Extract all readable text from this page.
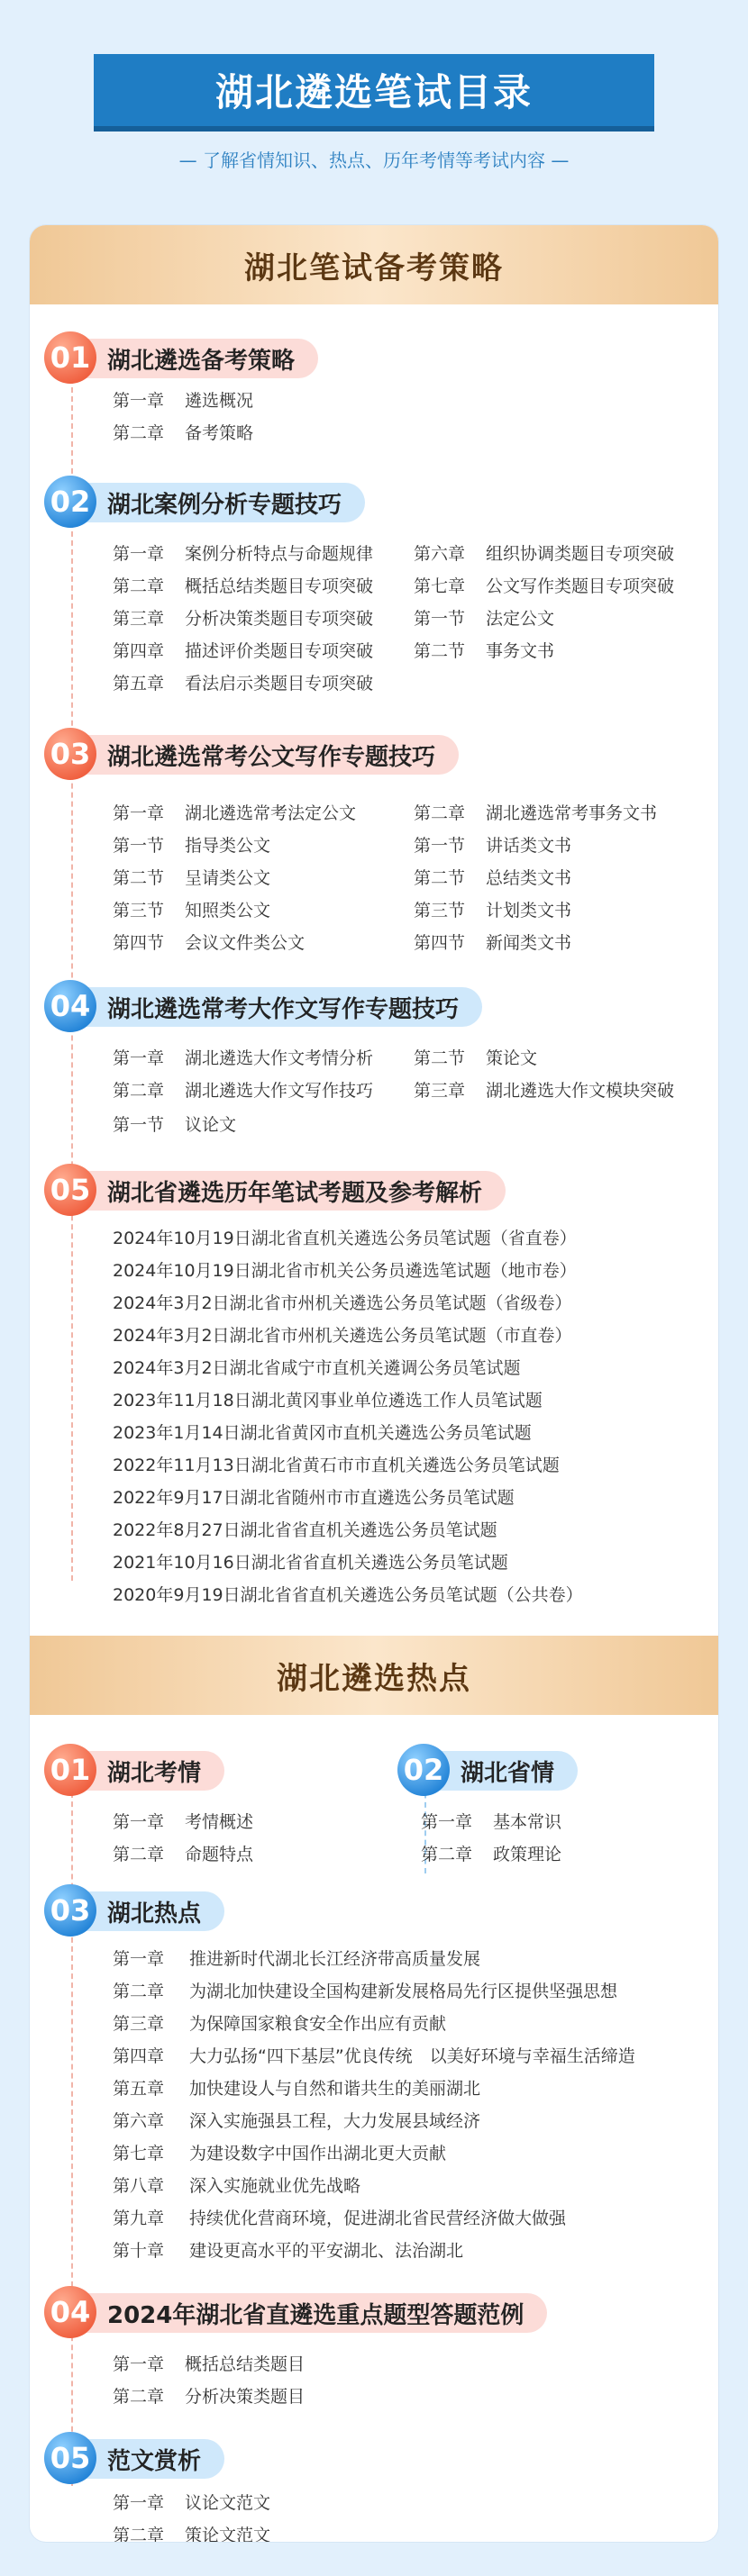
湖北遴选笔试目录
— 了解省情知识、热点、历年考情等考试内容 —
湖北笔试备考策略
湖北遴选备考策略
01
第一章 遴选概况
第二章 备考策略
湖北案例分析专题技巧
02
第一章 案例分析特点与命题规律
第二章 概括总结类题目专项突破
第三章 分析决策类题目专项突破
第四章 描述评价类题目专项突破
第五章 看法启示类题目专项突破
第六章 组织协调类题目专项突破
第七章 公文写作类题目专项突破
第一节 法定公文
第二节 事务文书
湖北遴选常考公文写作专题技巧
03
第一章 湖北遴选常考法定公文
第一节 指导类公文
第二节 呈请类公文
第三节 知照类公文
第四节 会议文件类公文
第二章 湖北遴选常考事务文书
第一节 讲话类文书
第二节 总结类文书
第三节 计划类文书
第四节 新闻类文书
湖北遴选常考大作文写作专题技巧
04
第一章 湖北遴选大作文考情分析
第二章 湖北遴选大作文写作技巧
第一节 议论文
第二节 策论文
第三章 湖北遴选大作文模块突破
湖北省遴选历年笔试考题及参考解析
05
2024年10月19日湖北省直机关遴选公务员笔试题（省直卷）
2024年10月19日湖北省市机关公务员遴选笔试题（地市卷）
2024年3月2日湖北省市州机关遴选公务员笔试题（省级卷）
2024年3月2日湖北省市州机关遴选公务员笔试题（市直卷）
2024年3月2日湖北省咸宁市直机关遴调公务员笔试题
2023年11月18日湖北黄冈事业单位遴选工作人员笔试题
2023年1月14日湖北省黄冈市直机关遴选公务员笔试题
2022年11月13日湖北省黄石市市直机关遴选公务员笔试题
2022年9月17日湖北省随州市市直遴选公务员笔试题
2022年8月27日湖北省省直机关遴选公务员笔试题
2021年10月16日湖北省省直机关遴选公务员笔试题
2020年9月19日湖北省省直机关遴选公务员笔试题（公共卷）
湖北遴选热点
湖北考情
01
第一章 考情概述
第二章 命题特点
湖北省情
02
第一章 基本常识
第二章 政策理论
湖北热点
03
第一章 推进新时代湖北长江经济带高质量发展
第二章 为湖北加快建设全国构建新发展格局先行区提供坚强思想
第三章 为保障国家粮食安全作出应有贡献
第四章 大力弘扬“四下基层”优良传统　以美好环境与幸福生活缔造
第五章 加快建设人与自然和谐共生的美丽湖北
第六章 深入实施强县工程，大力发展县域经济
第七章 为建设数字中国作出湖北更大贡献
第八章 深入实施就业优先战略
第九章 持续优化营商环境，促进湖北省民营经济做大做强
第十章 建设更高水平的平安湖北、法治湖北
2024年湖北省直遴选重点题型答题范例
04
第一章 概括总结类题目
第二章 分析决策类题目
范文赏析
05
第一章 议论文范文
第二章 策论文范文
